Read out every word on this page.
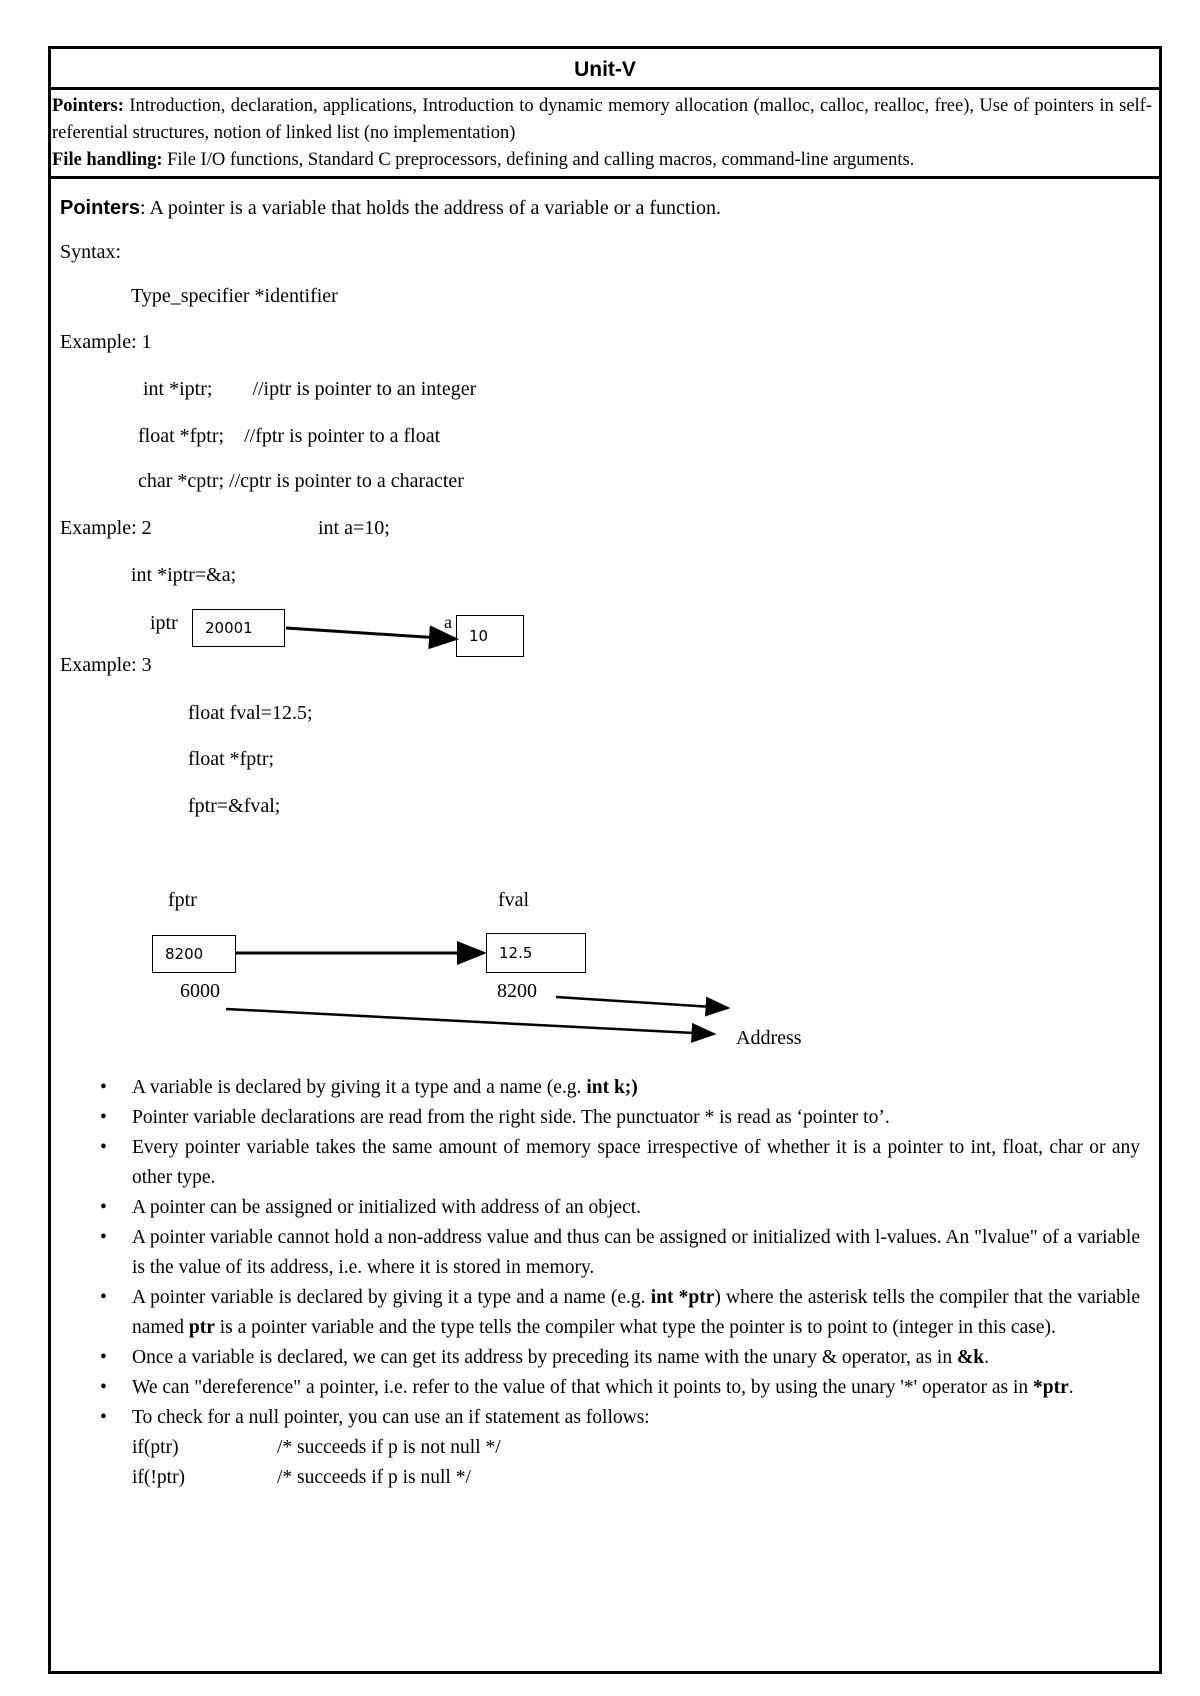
Unit-V
Pointers: Introduction, declaration, applications, Introduction to dynamic memory allocation (malloc, calloc, realloc, free), Use of pointers in self-referential structures, notion of linked list (no implementation)
File handling: File I/O functions, Standard C preprocessors, defining and calling macros, command-line arguments.
Pointers: A pointer is a variable that holds the address of a variable or a function.
Syntax:
Type_specifier *identifier
Example: 1
int *iptr;        //iptr is pointer to an integer
float *fptr;    //fptr is pointer to a float
char *cptr; //cptr is pointer to a character
Example: 2	int a=10;
int *iptr=&a;
iptr	20001	a
10
Example: 3
float fval=12.5;
float *fptr;
fptr=&fval;
fptr	fval
8200	12.5
6000	8200
Address
• A variable is declared by giving it a type and a name (e.g. int k;)
• Pointer variable declarations are read from the right side. The punctuator * is read as ‘pointer to’.
• Every pointer variable takes the same amount of memory space irrespective of whether it is a pointer to int, float, char or any other type.
• A pointer can be assigned or initialized with address of an object.
• A pointer variable cannot hold a non-address value and thus can be assigned or initialized with l-values. An "lvalue" of a variable is the value of its address, i.e. where it is stored in memory.
• A pointer variable is declared by giving it a type and a name (e.g. int *ptr) where the asterisk tells the compiler that the variable named ptr is a pointer variable and the type tells the compiler what type the pointer is to point to (integer in this case).
• Once a variable is declared, we can get its address by preceding its name with the unary & operator, as in &k.
• We can "dereference" a pointer, i.e. refer to the value of that which it points to, by using the unary '*' operator as in *ptr.
• To check for a null pointer, you can use an if statement as follows:
if(ptr)	/* succeeds if p is not null */
if(!ptr)	/* succeeds if p is null */
